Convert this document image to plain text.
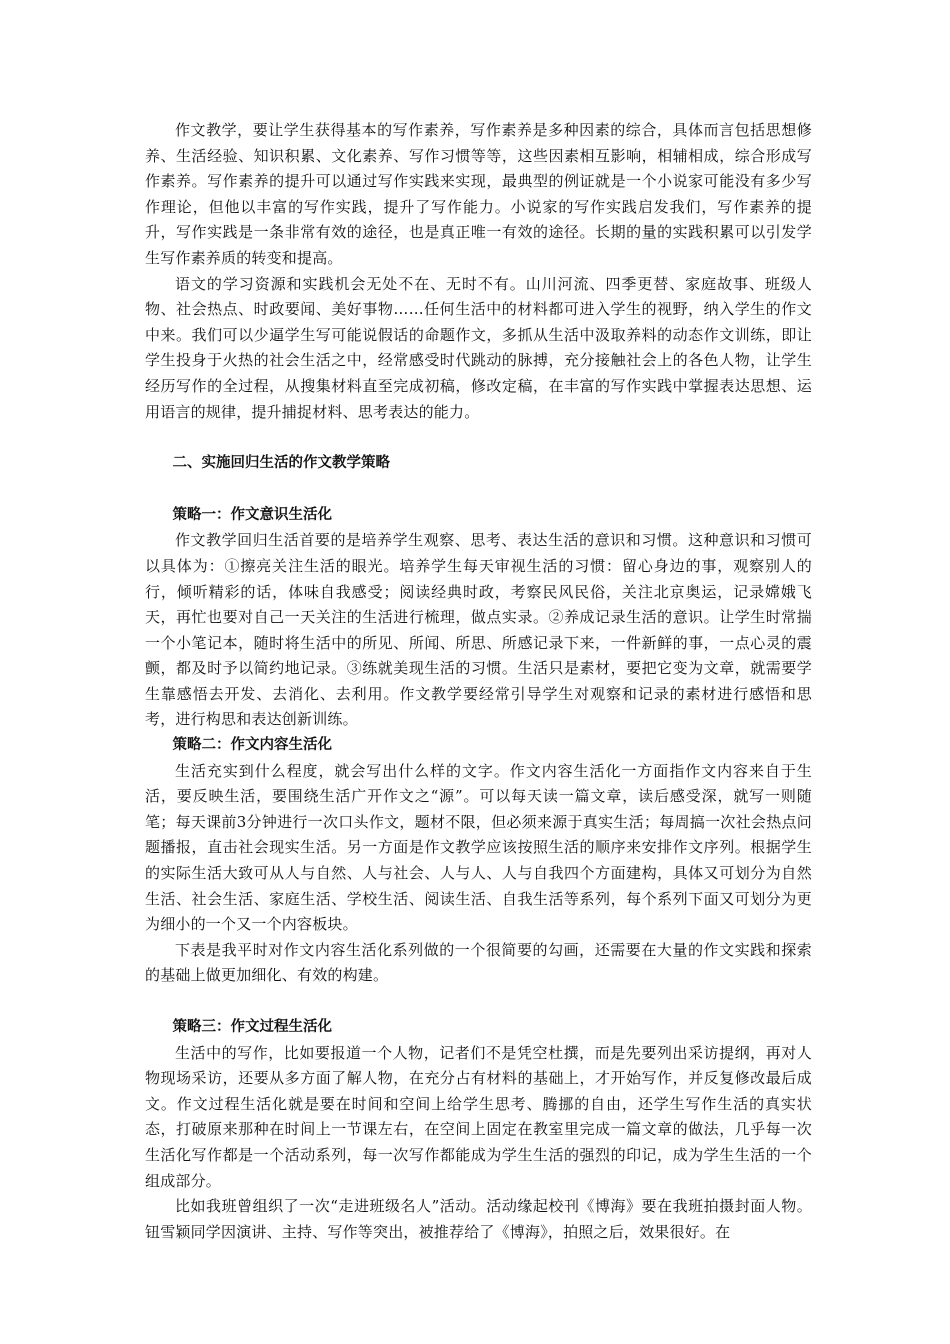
作文教学，要让学生获得基本的写作素养，写作素养是多种因素的综合，具体而言包括思想修养、生活经验、知识积累、文化素养、写作习惯等等，这些因素相互影响，相辅相成，综合形成写作素养。写作素养的提升可以通过写作实践来实现，最典型的例证就是一个小说家可能没有多少写作理论，但他以丰富的写作实践，提升了写作能力。小说家的写作实践启发我们，写作素养的提升，写作实践是一条非常有效的途径，也是真正唯一有效的途径。长期的量的实践积累可以引发学生写作素养质的转变和提高。

语文的学习资源和实践机会无处不在、无时不有。山川河流、四季更替、家庭故事、班级人物、社会热点、时政要闻、美好事物……任何生活中的材料都可进入学生的视野，纳入学生的作文中来。我们可以少逼学生写可能说假话的命题作文，多抓从生活中汲取养料的动态作文训练，即让学生投身于火热的社会生活之中，经常感受时代跳动的脉搏，充分接触社会上的各色人物，让学生经历写作的全过程，从搜集材料直至完成初稿，修改定稿，在丰富的写作实践中掌握表达思想、运用语言的规律，提升捕捉材料、思考表达的能力。

二、实施回归生活的作文教学策略

策略一：作文意识生活化

作文教学回归生活首要的是培养学生观察、思考、表达生活的意识和习惯。这种意识和习惯可以具体为：①擦亮关注生活的眼光。培养学生每天审视生活的习惯：留心身边的事，观察别人的行，倾听精彩的话，体味自我感受；阅读经典时政，考察民风民俗，关注北京奥运，记录嫦娥飞天，再忙也要对自己一天关注的生活进行梳理，做点实录。②养成记录生活的意识。让学生时常揣一个小笔记本，随时将生活中的所见、所闻、所思、所感记录下来，一件新鲜的事，一点心灵的震颤，都及时予以简约地记录。③练就美现生活的习惯。生活只是素材，要把它变为文章，就需要学生靠感悟去开发、去消化、去利用。作文教学要经常引导学生对观察和记录的素材进行感悟和思考，进行构思和表达创新训练。

策略二：作文内容生活化

生活充实到什么程度，就会写出什么样的文字。作文内容生活化一方面指作文内容来自于生活，要反映生活，要围绕生活广开作文之“源”。可以每天读一篇文章，读后感受深，就写一则随笔；每天课前3分钟进行一次口头作文，题材不限，但必须来源于真实生活；每周搞一次社会热点问题播报，直击社会现实生活。另一方面是作文教学应该按照生活的顺序来安排作文序列。根据学生的实际生活大致可从人与自然、人与社会、人与人、人与自我四个方面建构，具体又可划分为自然生活、社会生活、家庭生活、学校生活、阅读生活、自我生活等系列，每个系列下面又可划分为更为细小的一个又一个内容板块。

下表是我平时对作文内容生活化系列做的一个很简要的勾画，还需要在大量的作文实践和探索的基础上做更加细化、有效的构建。

策略三：作文过程生活化

生活中的写作，比如要报道一个人物，记者们不是凭空杜撰，而是先要列出采访提纲，再对人物现场采访，还要从多方面了解人物，在充分占有材料的基础上，才开始写作，并反复修改最后成文。作文过程生活化就是要在时间和空间上给学生思考、腾挪的自由，还学生写作生活的真实状态，打破原来那种在时间上一节课左右，在空间上固定在教室里完成一篇文章的做法，几乎每一次生活化写作都是一个活动系列，每一次写作都能成为学生生活的强烈的印记，成为学生生活的一个组成部分。

比如我班曾组织了一次“走进班级名人”活动。活动缘起校刊《博海》要在我班拍摄封面人物。钮雪颖同学因演讲、主持、写作等突出，被推荐给了《博海》，拍照之后，效果很好。在
